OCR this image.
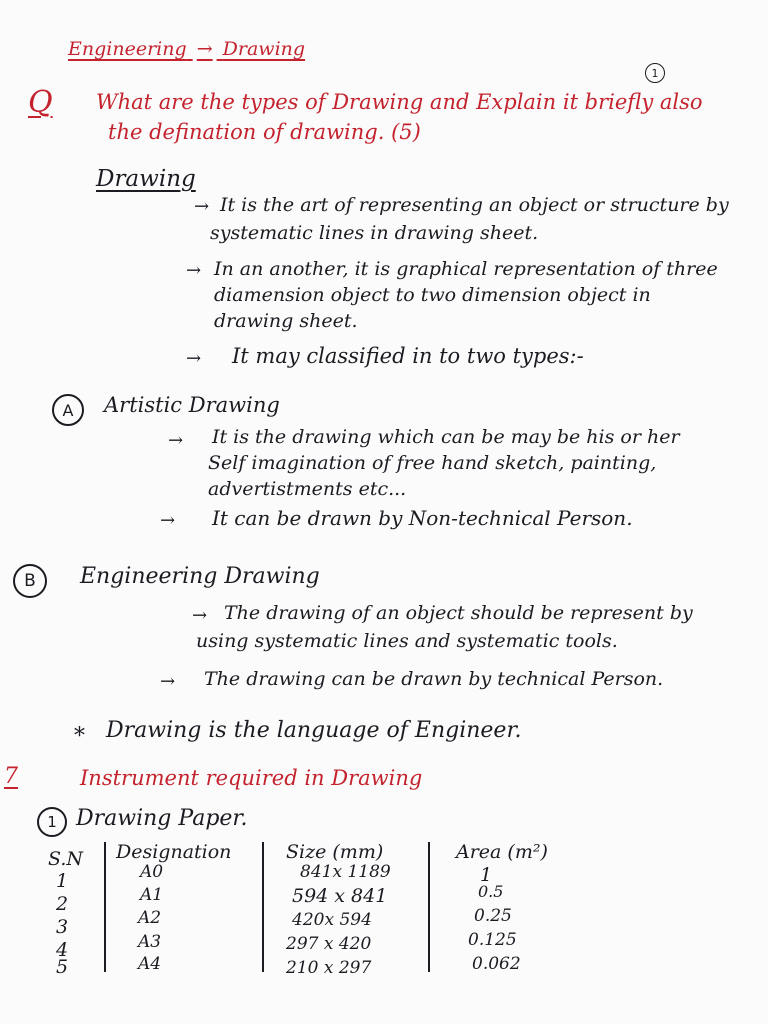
Engineering → Drawing
1
Q What are the types of Drawing and Explain it briefly also
the defination of drawing. (5)
Drawing
→ It is the art of representing an object or structure by
systematic lines in drawing sheet.
→ In an another, it is graphical representation of three
diamension object to two dimension object in
drawing sheet.
→ It may classified in to two types:-
A Artistic Drawing
→ It is the drawing which can be may be his or her
Self imagination of free hand sketch, painting,
advertistments etc...
→ It can be drawn by Non-technical Person.
B Engineering Drawing
→ The drawing of an object should be represent by
using systematic lines and systematic tools.
→ The drawing can be drawn by technical Person.
* Drawing is the language of Engineer.
7	Instrument required in Drawing
1 Drawing Paper.
S.N Designation	Size (mm)	Area (m²)
1	A0	841x 1189	1
2	A1	594 x 841	0.5
3	A2	420x 594	0.25
4	A3	297 x 420	0.125
5	A4	210 x 297	0.062
